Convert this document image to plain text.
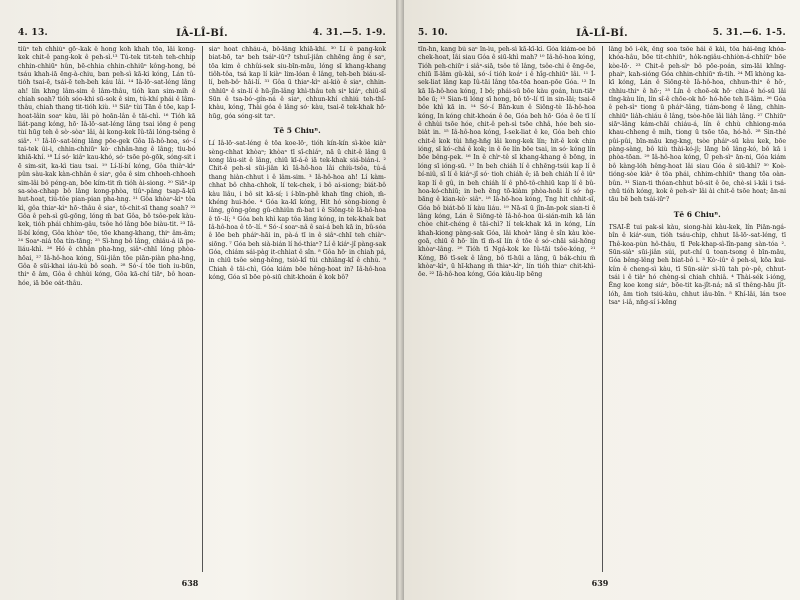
4. 13.	IÂ-LÎ-BÍ.	4. 31.—5. 1-9.

tiûⁿ teh chhiùⁿ gō·-kak ê hong koh khah tōa, lâi kong-kek chit-ê pang-kok ê peh-sì.¹³ Tú-tek tit-teh teh-chhip chhin-chhiūⁿ hûn, bē-chhia chhin-chhiūⁿ kông-hong, bé tsáu khah-iā ēng-à-chiu, ban peh-sì kā-ki kóng, Lán tû-tióh tsai-ē, tsái-ē teh-beh káu lâi. ¹⁴ Iâ-lō·-sat-léng lâng ah! lín khng lâm-sim ê lâm-thâu, tióh kan sim-mih ê chiah soah? tióh sóo-khi sū-sok ê sim, tú-khí phái ê lâm-thâu, chiah thang tit-tióh kiù. ¹⁵ Siāⁿ tùi Tān ê tōe, kap Í-hoat-lâin soaⁿ kàu, lâi pò hoān-lân ê tāi-chì. ¹⁶ Tióh kā liát-pang kóng, hō· Iâ-lō·-sat-léng lâng tsai iông ê peng tùi hūg teh ê sò·-sòaⁿ lâi, ài kong-kek Iû-tāi lóng-tsêng ê siâⁿ. ¹⁷ Iâ-lō·-sat-léng lâng pōe-gek Gôa Iâ-hô-hoa, só·-í tai-tek ûi-i, chhin-chhiūⁿ kò· chhân-hng ê lâng; tiu-bó khiā-khí. ¹⁸ Lí só· kiâⁿ kau-khó, só· tsōe pò-gōk, sóng-sit i ē sim-sit, ka-kì tiau tsai. ¹⁹ Lí-lí-bí kóng, Gôa thiàⁿ-kìⁿ pûn sàu-kak kàn-chhân ê siaⁿ, gôa ê sim chhoeh-chhoeh sim-lâi bô péng-an, bōe kím-tit m̄ tióh ài-siong. ²⁰ Siāⁿ-ip sa-sòa-chhap bô lâng kong-phòa, tiûⁿ-pâng tsap-ā-kū hut-hoat, tiú-tôe pian-pian pha-hng. ²¹ Gôa khòaⁿ-kìⁿ tôa kì, gôa thiaⁿ-kìⁿ hō·-thâu ê siaⁿ, tô-chit-sī thang soah? ²² Gôa ê peh-sì gū-gōng, lóng m̄ bat Gôa, bô tsôe-pek kàu-kek, tióh phái chhim-gâu, tsôe hó lâng bōe biàu-tit. ²³ Iâ-lí-bí kóng, Gôa khòaⁿ tōe, tōe khang-khang, thiⁿ âm-âm; ²⁴ Soaⁿ-niá tōa tín-tāng; ²⁵ Sì-hng bô lâng, chiáu-á iā pe-liáu-khì. ²⁶ Hó ê chhân pha-hng, siâⁿ-chhī lóng phòa-hōai, ²⁷ Iâ-hô-hoa kóng, Sūi-jiân tōe piān-piàn pha-hng, Gôa ē sūi-khai iáu-kú bô soah. ²⁸ Só·-í tōe tioh iu-būn, thiⁿ ē âm, Gôa ê chhùi kóng, Gôa kā-chí tiāⁿ, bô hoan-hóe, iā bōe oát-thâu.

siaⁿ hoat chháu-á, bô-lâng khiā-khí. ³⁰ Lí ê pang-kok biat-bō, taⁿ beh tsáiⁿ-iūⁿ? tshuî-jiân chhēng âng ê saⁿ, tōa kim ê chhûi-sek siu-bīn-māu, lóng sī khang-khang tiôh-tôa, tsá kap lí kiàⁿ lim-lóan ê lâng, teh-beh biáu-sī-lí, beh-bô· hāi-lí. ³¹ Gôa ū thiaⁿ-kìⁿ ai-kiò ê siaⁿ, chhin-chhiūⁿ ê sin-lí ê hū-jîn-lâng khì-thâu teh siⁿ kiáⁿ, chiū-sī Sūn ê tsa-bó·-gín-ná ê siaⁿ, chhun-khí chhiú teh-thî-khàu, kóng, Thài góa ê lâng só· kàu, tsai-ē tek-khak hō· hūg, góa sóng-sit taⁿ.

Tē 5 Chiuⁿ.

Lí Iâ-lō·-sat-léng ê tōa koe-lō·, tióh kín-kín sì-kòe kiàⁿ sèng-chhat khòaⁿ; khòaⁿ tī sî-chiáⁿ, nā ū chit-ê lâng ū kong lâu-sit ê lâng, chiū kī-á-ê iā tek-khak siá-bián-i. ² Chit-ê peh-sì sūi-jiân kì Iâ-hô-hoa lâi chiù-tsôa, tú-á thang hiàn-chhut i ê lâm-sim. ³ Iâ-hô-hoa ah! Lí kàm-chhat bô chha-chhok, lí tek-chek, i bô ai-siong; biát-bô kàu liâu, i bô sit kā-sí; i í-bīn-phê khah tīng chioh, m̄-khéng hui-hóe. ⁴ Góa ka-kī kóng, Hit hó sòng-biong ê lâng, gông-gông gû-chhiûn m̄-bat i ê Siōng-tè Iâ-hô-hoa ê tō·-lí; ⁵ Góa beh khì kap tôa lâng kóng, in tek-khak bat Iâ-hô-hoa ê tō·-lí. ⁶ Só·-í soaⁿ-nâ ê sai-á beh kā in, bû-sóa ê lōe beh pháiⁿ-hāi in, pà-á tī in ê siâⁿ-chhī teh chiàⁿ-siōng. ⁷ Góa beh sià-bián lí hó-thiaⁿ? Lí ê kiáⁿ-jî pàng-sak Góa, chiám sái-pàg it-chhiat ê sîn. ⁸ Gôa hō· in chiah pá, in chiū tsôe sèng-hêng, tsiò-kî tùi chhiāng-kî ê chhù. ⁹ Chiah ê tāi-chì, Góa kiám bōe hêng-hoat in? Iâ-hô-hoa kóng, Góa sī bōe pò-siū chit-khoán ê kok bô?

638
5. 10.	IÂ-LÎ-BÍ.	5. 31.—6. 1-5.

tîn-hn, kang bú saⁿ în-ìu, peh-sì kā-kī-kí. Góa kiám-oe bô chek-hoat, lâi siau Góa ê siū-khì mah? ¹⁰ Iâ-hô-hoa kóng, Tióh peh-chiūⁿ i siâⁿ-siā, tsôe tê lâng, tsôe-chi ê ēng-ōe, chiū lī-lâm gû-kài, só·-í tióh koáⁿ i ê hîg-chhiūⁿ lâi. ¹¹ Í-sek-liat lâng kap Iû-tāi lâng tōa-tōa hoan-pōe Góa. ¹² In kā Iâ-hô-hoa kóng, I bô; phái-sū bōe kàu goán, hun-tiāⁿ bōe ū; ¹³ Sian-ti lóng sī hong, bô tō·-lí tī in sin-lāi; tsai-ē bôe khì kā in. ¹⁴ Só·-í Bān-kun ê Siōng-tè Iâ-hô-hoa kóng, In kóng chit-khoán ê ōe, Góa beh hō· Góa ê ōe tī lí ê chhùi tsōe hóe, chit-ê peh-sì tsōe chhâ, hóe beh sio-bia̍t in. ¹⁵ Iâ-hô-hoa kóng, Í-sek-liat ê ke, Góa beh chio chit-ê kok tùi hn̄g-hn̄g lâi kong-kek lín; hit-ê kok chin ióng, sī kó·-chá ê kok; in ê ōe lín bōe tsai, in só· kóng lín bōe bêng-pek. ¹⁶ In ê chìⁿ-tê sī khang-khang ê bōng, in lóng sī ióng-sū. ¹⁷ In beh chiáh lí ê chhēng-tsúi kap lí ê bí-niû, sī lí ê kiáⁿ-jî só· tioh chiáh ê; iā beh chiáh lí ê iûⁿ kap lí ê gû, in beh chiáh lí ê phô-tô-chhiū kap lí ê bû-hoa-kó-chhiū; in beh ēng tō-kiàm phòa-hoāi lí só· ǹg-bāng ê kian-kò· siâⁿ. ¹⁸ Iâ-hô-hoa kóng, Tng hit chhit-sî, Góa bô biát-bô lí kàu liáu. ¹⁹ Nā-sī ū jîn-ān-pok sian-ti ê lâng kóng, Lán ê Siōng-tè Iâ-hô-hoa ūi-sián-mih kā lán chòe chit-chéng ê tāi-chì? lí tek-khak kā in kóng, Lín khah-kiong pàng-sak Góa, lâi khoàⁿ lâng ê sîn kàu kòe-goā, chiū ē hō· lín tī m̄-sī lín ê tōe ê só·-chāi sái-hōng khòaⁿ-lâng. ²⁰ Tióh tī Ngá-kok ke Iû-tāi tsôe-kóng, ²¹ Kóng, Bô tī-sek ê lâng, bô tī-hūi a lâng, ū bák-chiu m̄ khòaⁿ-kìⁿ, ū hī-khang m̄ thiaⁿ-kìⁿ, lín tióh thiaⁿ chit-khì-ōe. ²² Iâ-hô-hoa kóng, Góa kiàu-lip bēng

lâng bô i-ék, êng soa tsôe hái ê kài, tôa hái-êng khóa-khóa-hâu, bōe tit-chhiūⁿ, ho̍k-ngiâu-chhiòn-á-chhiūⁿ bōe kòe-lō·. ²³ Chit-ê peh-sìⁿ bô pōe-poán, sim-lāi khîng-phaiⁿ, kah-sióng Góa chhin-chhiūⁿ m̄-tih. ²⁴ Mī khòng ka-kī kóng, Lán ê Siōng-tè Iâ-hô-hoa, chhun-thiⁿ ê hō·, chhiu-thiⁿ ê hō·; ²⁵ Lín ê choē-ok hō· chia-ê hó-sū lâi tîng-kàu lín, lín sî-ê chōe-ok hō· hó-hōe teh lī-lâm. ²⁶ Góa ê peh-sìⁿ tiong ū pháiⁿ-lâng, tiám-bong ê lâng, chhin-chhiūⁿ lia̍h-chiáu ê lâng, tsòe-hōe lâi lia̍h lâng. ²⁷ Chhiūⁿ siāⁿ-lâng kám-chāi chiáu-á, lín ê chhù chhiong-móa khau-chheng ê mih, tiong ū tsōe tōa, hó-hô. ²⁸ Sin-thé pûi-pûi, bīn-māu kng-kng, tsòe pháiⁿ-sū kàu kek, bōe pàng-sàng, bô kiù thài-kó-jì; lāng bô lâng-kó, bô kā i phòa-tōan. ²⁹ Iâ-hô-hoa kóng, Ū peh-sìⁿ ān-ni, Góa kiám bô kàng-lóh hêng-hoat lâi siau Góa ê siū-khì? ³⁰ Koè-tióng-sòe kiàⁿ ê tōa phái, chhim-chhiūⁿ thang tōa oàn-bûn. ³¹ Sian-ti thóan-chhut bô-sit ê ōe, chè-si i-kâi i tsá-chū tióh kóng, kok ê peh-sìⁿ lâi ài chit-ê tsōe hoat; ān-ni tāu bē beh tsái-iūⁿ?

Tē 6 Chiuⁿ.

TSAI-Ê tui pak-sì kàu, siong-hài kàu-kek, lín Piān-ngá-bîn ê kiáⁿ-sun, tióh tsáu-chip, chhut Iâ-lō·-sat-léng, tī Thê-koa-pùn hô-thâu, tī Pek-khap-sì-lîn-pang sàn-tóa ². Sūn-siàⁿ sūi-jiân súi, put-chí ū toan-tsong ê bīn-māu, Góa bêng-lêng beh biat-bô i. ³ Kò·-iûⁿ ê peh-sì, kōa kui-kûn ê cheng-sì kàu, tī Sūn-siàⁿ sì-lū tah pò·-pê, chhut-tsái i ê tiàⁿ hó chèng-sì chiah chhiâ. ⁴ Thài-sék i-ióng, Êng koe kong siáⁿ, bōe-tit ka-jît-ná; nā sī thêng-hāu jît-lóh, ām tioh tsiú-kàu, chhut iâu-bīn. ⁵ Khí-lâi, lán tsoe tsaⁿ i-iâ, nn̄g-sí i-kēng

639
